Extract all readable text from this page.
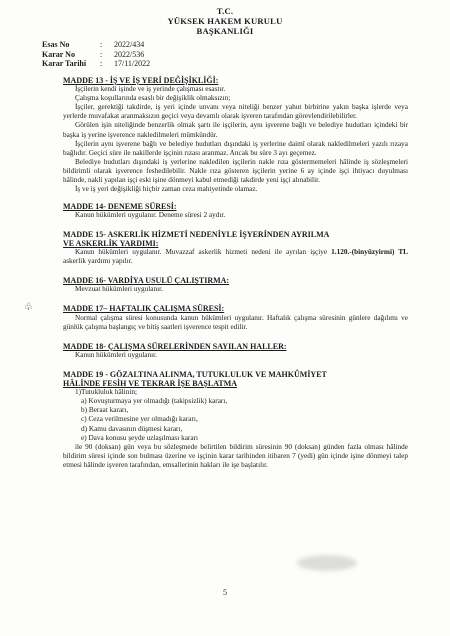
T.C.
YÜKSEK HAKEM KURULU
BAŞKANLIĞI
Esas No	:	2022/434
Karar No	:	2022/536
Karar Tarihi	:	17/11/2022

MADDE 13 - İŞ VE İŞ YERİ DEĞİŞİKLİĞİ:

İşçilerin kendi işinde ve iş yerinde çalışması esastır.

Çalışma koşullarında esaslı bir değişiklik olmaksızın;

İşçiler, gerektiği takdirde, iş yeri içinde unvanı veya niteliği benzer yahut birbirine yakın başka işlerde veya yerlerde muvafakat aranmaksızın geçici veya devamlı olarak işveren tarafından görevlendirilebilirler.

Görülen işin niteliğinde benzerlik olmak şartı ile işçilerin, aynı işverene bağlı ve belediye hudutları içindeki bir başka iş yerine işverence nakledilmeleri mümkündür.

İşçilerin aynı işverene bağlı ve belediye hudutları dışındaki iş yerlerine daimî olarak nakledilmeleri yazılı rızaya bağlıdır. Geçici süre ile nakillerde işçinin rızası aranmaz. Ancak bu süre 3 ayı geçemez.

Belediye hudutları dışındaki iş yerlerine nakledilen işçilerin nakle rıza göstermemeleri hâlinde iş sözleşmeleri bildirimli olarak işverence feshedilebilir. Nakle rıza gösteren işçilerin yerine 6 ay içinde işçi ihtiyacı duyulması hâlinde, nakli yapılan işçi eski işine dönmeyi kabul etmediği takdirde yeni işçi alınabilir.

İş ve iş yeri değişikliği hiçbir zaman ceza mahiyetinde olamaz.

MADDE 14- DENEME SÜRESİ:

Kanun hükümleri uygulanır. Deneme süresi 2 aydır.

MADDE 15- ASKERLİK HİZMETİ NEDENİYLE İŞYERİNDEN AYRILMA

VE ASKERLİK YARDIMI:

Kanun hükümleri uygulanır. Muvazzaf askerlik hizmeti nedeni ile ayrılan işçiye 1.120.-(binyüzyirmi) TL askerlik yardımı yapılır.

MADDE 16- VARDİYA USULÜ ÇALIŞTIRMA:

Mevzuat hükümleri uygulanır.

MADDE 17– HAFTALIK ÇALIŞMA SÜRESİ:

Normal çalışma süresi konusunda kanun hükümleri uygulanır. Haftalık çalışma süresinin günlere dağılımı ve günlük çalışma başlangıç ve bitiş saatleri işverence tespit edilir.

MADDE 18- ÇALIŞMA SÜRELERİNDEN SAYILAN HALLER:

Kanun hükümleri uygulanır.

MADDE 19 - GÖZALTINA ALINMA, TUTUKLULUK VE MAHKÛMİYET

HÂLİNDE FESİH VE TEKRAR İŞE BAŞLATMA

1)Tutukluluk hâlinin;

a) Kovuşturmaya yer olmadığı (takipsizlik) kararı,

b) Beraat kararı,

c) Ceza verilmesine yer olmadığı kararı,

d) Kamu davasının düşmesi kararı,

e) Dava konusu şeyde uzlaşılması kararı

ile 90 (doksan) gün veya bu sözleşmede belirtilen bildirim süresinin 90 (doksan) günden fazla olması hâlinde bildirim süresi içinde son bulması üzerine ve işçinin karar tarihinden itibaren 7 (yedi) gün içinde işine dönmeyi talep etmesi hâlinde işveren tarafından, emsallerinin hakları ile işe başlatılır.

♧
5
